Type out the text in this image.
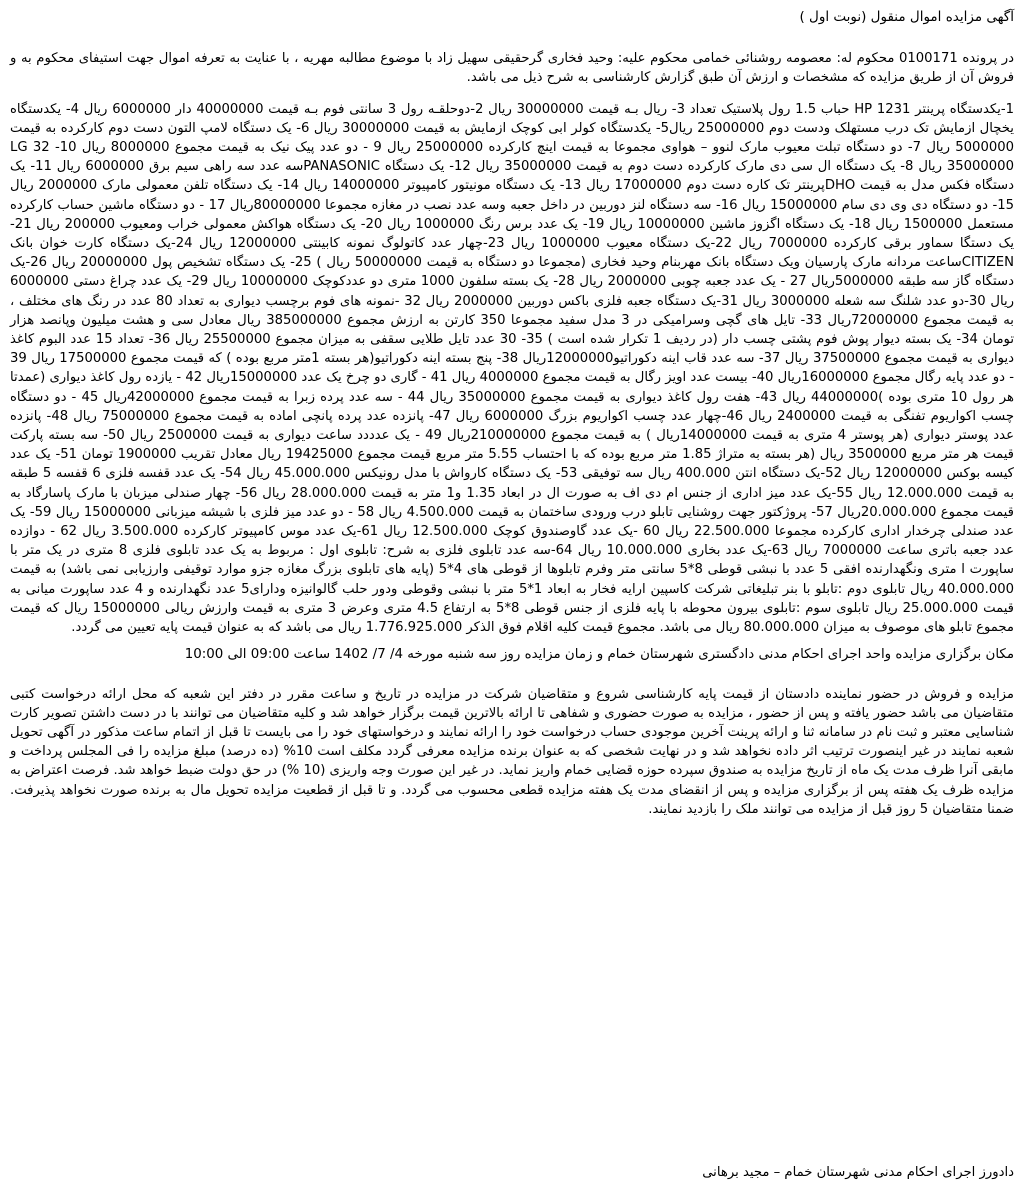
آگهی مزایده اموال منقول (نوبت اول )

در پرونده 0100171 محکوم له: معصومه روشنائی خمامی محکوم علیه: وحید فخاری گرحقیقی سهیل زاد با موضوع مطالبه مهریه ، با عنایت به تعرفه اموال جهت استیفای محکوم به و فروش آن از طریق مزایده که مشخصات و ارزش آن طبق گزارش کارشناسی به شرح ذیل می باشد.

1-یکدستگاه پرینتر HP 1231 حباب 1.5 رول پلاستیک تعداد 3- ریال بـه قیمت 30000000 ریال 2-دوحلقـه رول 3 سانتی فوم بـه قیمت 40000000 دار 6000000 ریال 4- یکدستگاه یخچال ازمایش تک درب مستهلک ودست دوم 25000000 ریال5- یکدستگاه کولر ابی کوچک ازمایش به قیمت 30000000 ریال 6- یک دستگاه لامپ التون دست دوم کارکرده به قیمت 5000000 ریال 7- دو دستگاه تبلت معیوب مارک لنوو – هواوی مجموعا به قیمت اینچ کارکرده 25000000 ریال 9 - دو عدد پیک نیک به قیمت مجموع 8000000 ریال 10- 32 LG 35000000 ریال 8- یک دستگاه ال سی دی مارک کارکرده دست دوم به قیمت 35000000 ریال 12- یک دستگاه PANASONICسه عدد سه راهی سیم برق 6000000 ریال 11- یک دستگاه فکس مدل به قیمت DHOپرینتر تک کاره دست دوم 17000000 ریال 13- یک دستگاه مونیتور کامپیوتر 14000000 ریال 14- یک دستگاه تلفن معمولی مارک 2000000 ریال 15- دو دستگاه دی وی دی سام 15000000 ریال 16- سه دستگاه لنز دوربین در داخل جعبه وسه عدد نصب در مغازه مجموعا 80000000ریال 17 - دو دستگاه ماشین حساب کارکرده مستعمل 1500000 ریال 18- یک دستگاه اگزوز ماشین 10000000 ریال 19- یک عدد برس رنگ 1000000 ریال 20- یک دستگاه هواکش معمولی خراب ومعیوب 200000 ریال 21- یک دستگا سماور برقی کارکرده 7000000 ریال 22-یک دستگاه معیوب 1000000 ریال 23-چهار عدد کاتولوگ نمونه کابینتی 12000000 ریال 24-یک دستگاه کارت خوان بانک CITIZENساعت مردانه مارک پارسیان ویک دستگاه بانک مهربنام وحید فخاری (مجموعا دو دستگاه به قیمت 50000000 ریال ) 25- یک دستگاه تشخیص پول 20000000 ریال 26-یک دستگاه گاز سه طبقه 5000000ریال 27 - یک عدد جعبه چوبی 2000000 ریال 28- یک بسته سلفون 1000 متری دو عددکوچک 10000000 ریال 29- یک عدد چراغ دستی 6000000 ریال 30-دو عدد شلنگ سه شعله 3000000 ریال 31-یک دستگاه جعبه فلزی باکس دوربین 2000000 ریال 32 -نمونه های فوم برچسب دیواری به تعداد 80 عدد در رنگ های مختلف ، به قیمت مجموع 72000000ریال 33- تایل های گچی وسرامیکی در 3 مدل سفید مجموعا 350 کارتن به ارزش مجموع 385000000 ریال معادل سی و هشت میلیون وپانصد هزار تومان 34- یک بسته دیوار پوش فوم پشتی چسب دار (در ردیف 1 تکرار شده است ) 35- 30 عدد تایل طلایی سقفی به میزان مجموع 25500000 ریال 36- تعداد 15 عدد البوم کاغذ دیواری به قیمت مجموع 37500000 ریال 37- سه عدد قاب اینه دکوراتیو12000000ریال 38- پنج بسته اینه دکوراتیو(هر بسته 1متر مربع بوده ) که قیمت مجموع 17500000 ریال 39 - دو عدد پایه رگال مجموع 16000000ریال 40- بیست عدد اویز رگال به قیمت مجموع 4000000 ریال 41 - گاری دو چرخ یک عدد 15000000ریال 42 - یازده رول کاغذ دیواری (عمدتا هر رول 10 متری بوده )44000000 ریال 43- هفت رول کاغذ دیواری به قیمت مجموع 35000000 ریال 44 - سه عدد پرده زبرا به قیمت مجموع 42000000ریال 45 - دو دستگاه چسب اکواریوم تفنگی به قیمت 2400000 ریال 46-چهار عدد چسب اکواریوم بزرگ 6000000 ریال 47- پانزده عدد پرده پانچی اماده به قیمت مجموع 75000000 ریال 48- پانزده عدد پوستر دیواری (هر پوستر 4 متری به قیمت 14000000ریال ) به قیمت مجموع 210000000ریال 49 - یک عدددد ساعت دیواری به قیمت 2500000 ریال 50- سه بسته پارکت قیمت هر متر مربع 3500000 ریال (هر بسته به متراژ 1.85 متر مربع بوده که با احتساب 5.55 متر مربع قیمت مجموع 19425000 ریال معادل تقریب 1900000 تومان 51- یک عدد کیسه بوکس 12000000 ریال 52-یک دستگاه انتن 400.000 ریال سه توفیقی 53- یک دستگاه کارواش با مدل رونیکس 45.000.000 ریال 54- یک عدد قفسه فلزی 6 قفسه 5 طبقه به قیمت 12.000.000 ریال 55-یک عدد میز اداری از جنس ام دی اف به صورت ال در ابعاد 1.35 و1 متر به قیمت 28.000.000 ریال 56- چهار صندلی میزبان با مارک پاسارگاد به قیمت مجموع 20.000.000ریال 57- پروژکتور جهت روشنایی تابلو درب ورودی ساختمان به قیمت 4.500.000 ریال 58 - دو عدد میز فلزی با شیشه میزبانی 15000000 ریال 59- یک عدد صندلی چرخدار اداری کارکرده مجموعا 22.500.000 ریال 60 -یک عدد گاوصندوق کوچک 12.500.000 ریال 61-یک عدد موس کامپیوتر کارکرده 3.500.000 ریال 62 - دوازده عدد جعبه باتری ساعت 7000000 ریال 63-یک عدد بخاری 10.000.000 ریال 64-سه عدد تابلوی فلزی به شرح: تابلوی اول : مربوط به یک عدد تابلوی فلزی 8 متری در یک متر با ساپورت ا متری ونگهدارنده افقی 5 عدد با نبشی قوطی 8*5 سانتی متر وفرم تابلوها از قوطی های 4*5 (پایه های تابلوی بزرگ مغازه جزو موارد توقیفی وارزیابی نمی باشد) به قیمت 40.000.000 ریال تابلوی دوم :تابلو با بنر تبلیغاتی شرکت کاسپین ارایه فخار به ابعاد 1*5 متر با نبشی وقوطی ودور حلب گالوانیزه ودارای5 عدد نگهدارنده و 4 عدد ساپورت میانی به قیمت 25.000.000 ریال تابلوی سوم :تابلوی بیرون محوطه با پایه فلزی از جنس قوطی 8*5 به ارتفاع 4.5 متری وعرض 3 متری به قیمت وارزش ریالی 15000000 ریال که قیمت مجموع تابلو های موصوف به میزان 80.000.000 ریال می باشد. مجموع قیمت کلیه اقلام فوق الذکر 1.776.925.000 ریال می باشد که به عنوان قیمت پایه تعیین می گردد.

مکان برگزاری مزایده واحد اجرای احکام مدنی دادگستری شهرستان خمام و زمان مزایده روز سه شنبه مورخه 4/ 7/ 1402 ساعت 09:00 الی 10:00

مزایده و فروش در حضور نماینده دادستان از قیمت پایه کارشناسی شروع و متقاضیان شرکت در مزایده در تاریخ و ساعت مقرر در دفتر این شعبه که محل ارائه درخواست کتبی متقاضیان می باشد حضور یافته و پس از حضور ، مزایده به صورت حضوری و شفاهی تا ارائه بالاترین قیمت برگزار خواهد شد و کلیه متقاضیان می توانند با در دست داشتن تصویر کارت شناسایی معتبر و ثبت نام در سامانه ثنا و ارائه پرینت آخرین موجودی حساب درخواست خود را ارائه نمایند و درخواستهای خود را می بایست تا قبل از اتمام ساعت مذکور در آگهی تحویل شعبه نمایند در غیر اینصورت ترتیب اثر داده نخواهد شد و در نهایت شخصی که به عنوان برنده مزایده معرفی گردد مکلف است 10% (ده درصد) مبلغ مزایده را فی المجلس پرداخت و مابقی آنرا ظرف مدت یک ماه از تاریخ مزایده به صندوق سپرده حوزه قضایی خمام واریز نماید. در غیر این صورت وجه واریزی (10 %) در حق دولت ضبط خواهد شد. فرصت اعتراض به مزایده ظرف یک هفته پس از برگزاری مزایده و پس از انقضای مدت یک هفته مزایده قطعی محسوب می گردد. و تا قبل از قطعیت مزایده تحویل مال به برنده صورت نخواهد پذیرفت. ضمنا متقاضیان 5 روز قبل از مزایده می توانند ملک را بازدید نمایند.

دادورز اجرای احکام مدنی شهرستان خمام – مجید برهانی
